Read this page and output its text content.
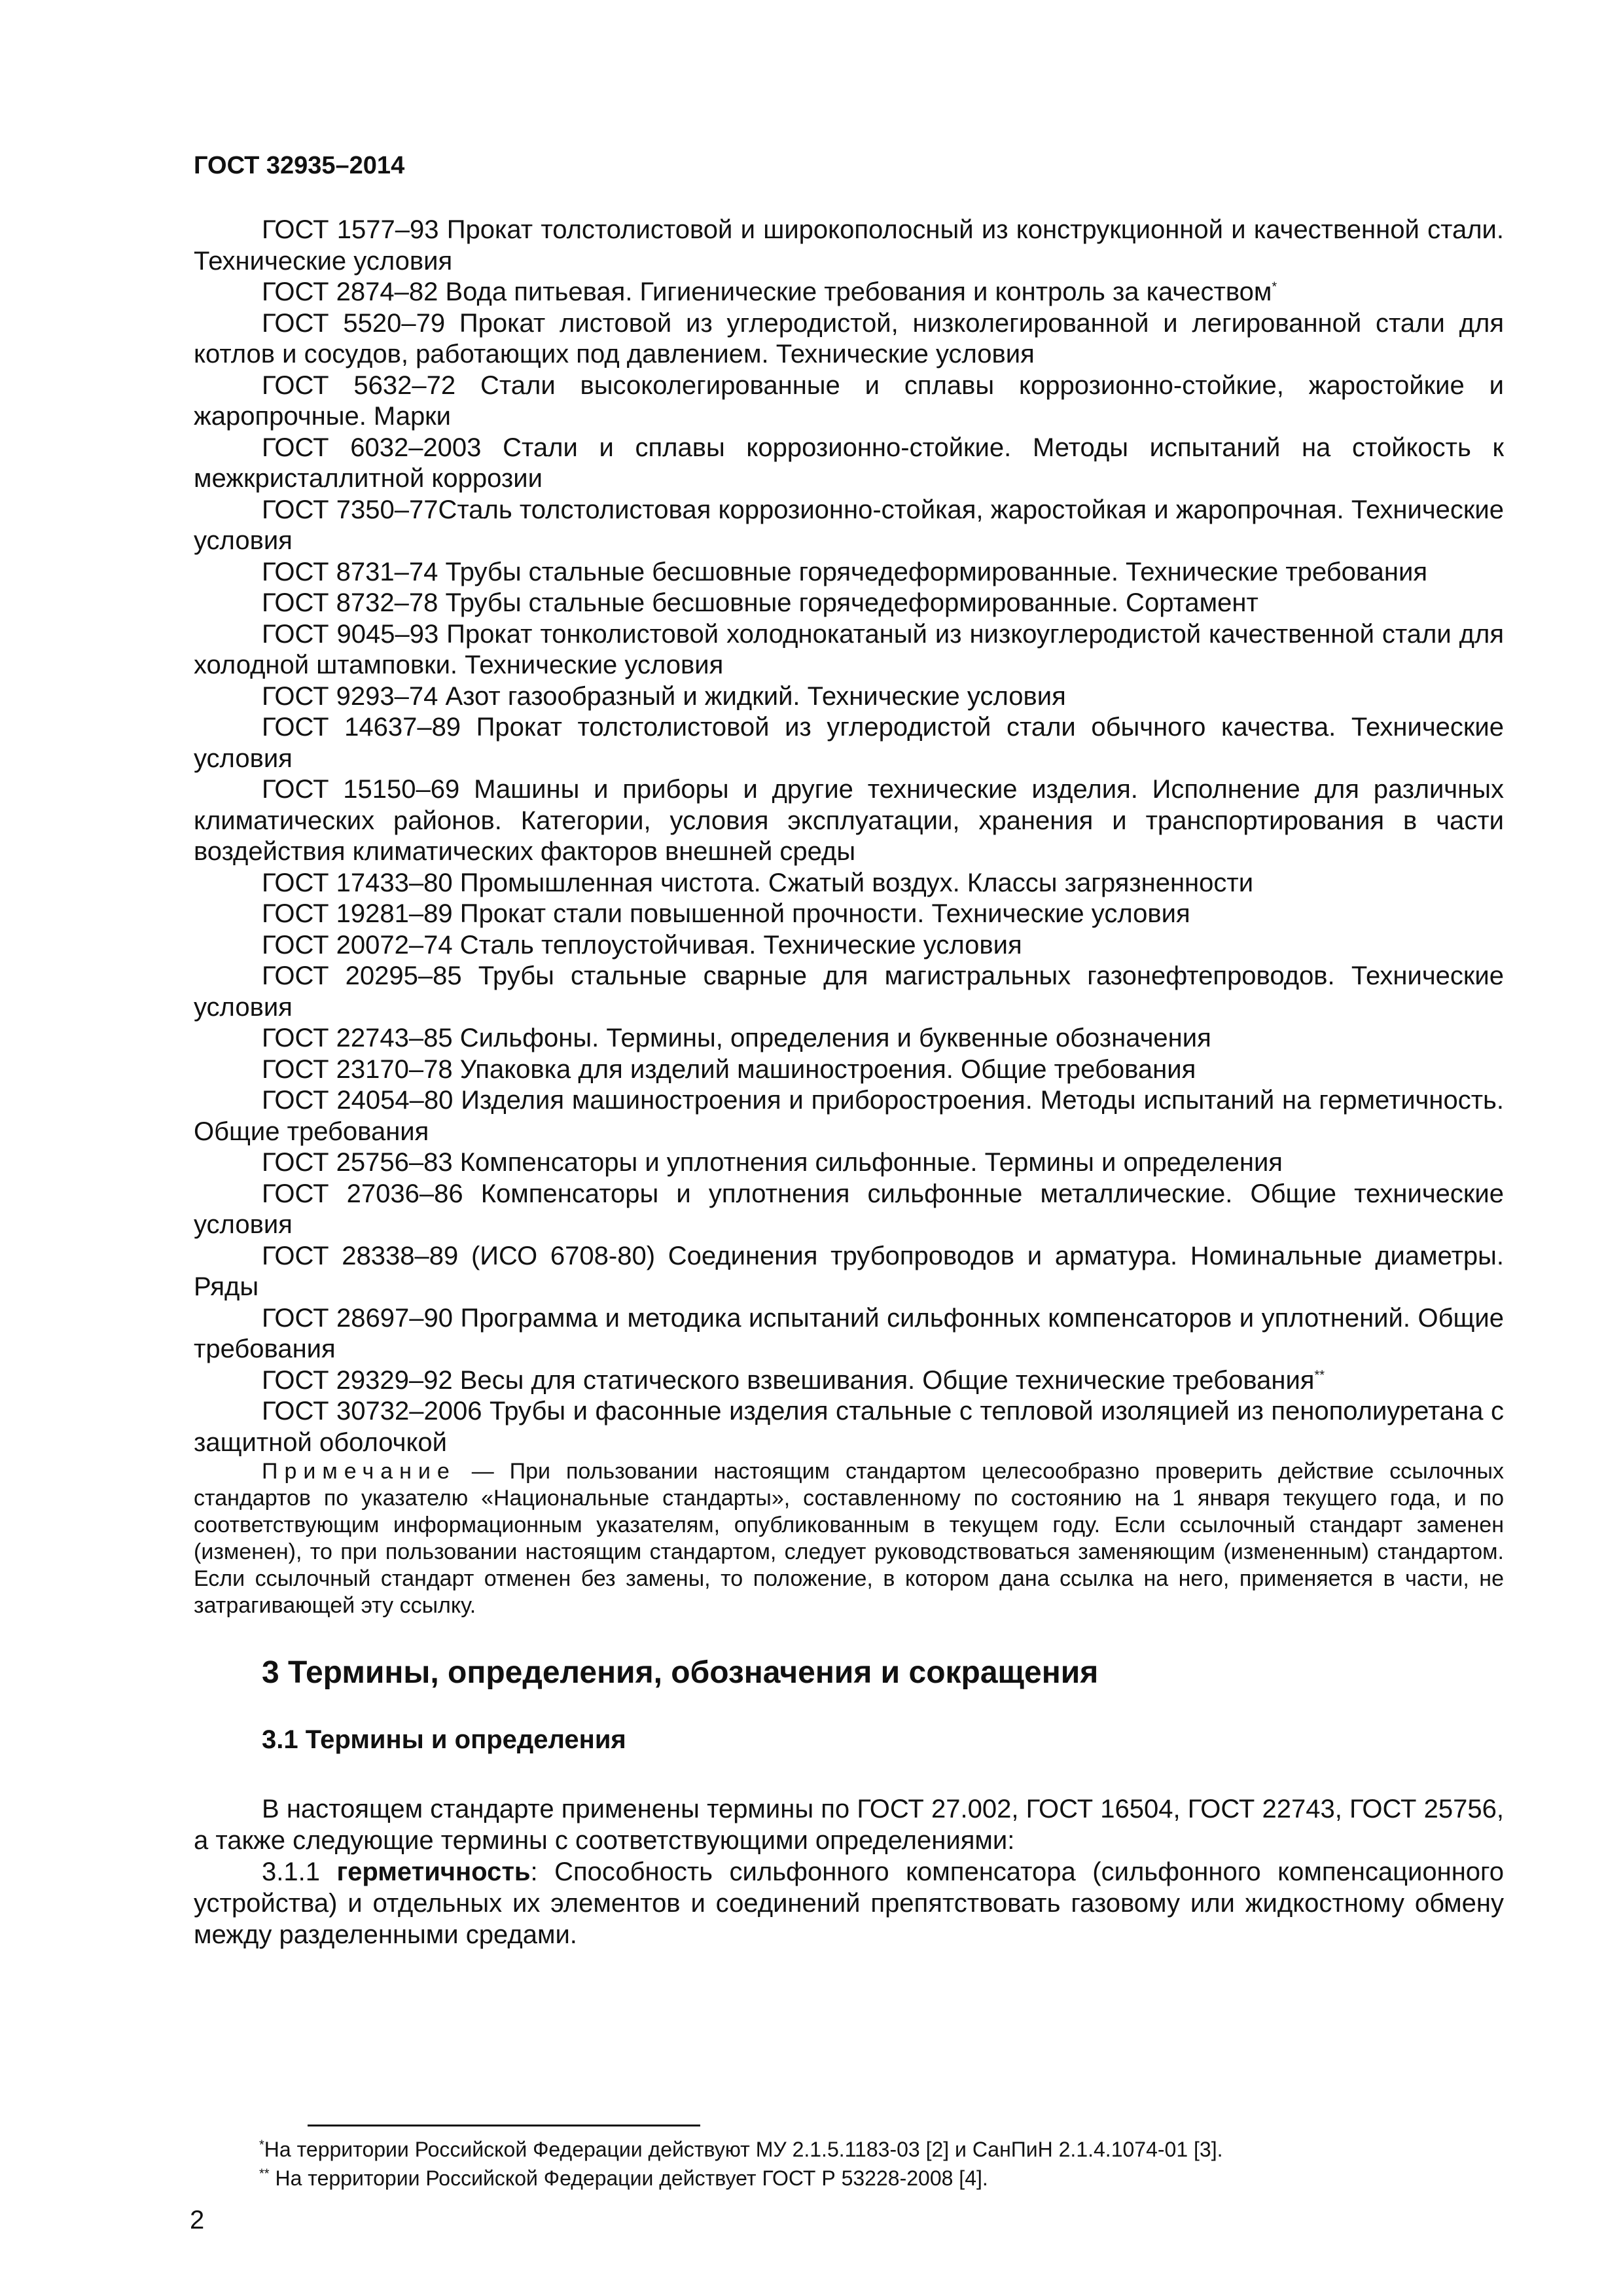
ГОСТ 32935–2014

ГОСТ 1577–93 Прокат толстолистовой и широкополосный из конструкционной и качественной стали. Технические условия

ГОСТ 2874–82 Вода питьевая. Гигиенические требования и контроль за качеством*

ГОСТ 5520–79 Прокат листовой из углеродистой, низколегированной и легированной стали для котлов и сосудов, работающих под давлением. Технические условия

ГОСТ 5632–72 Стали высоколегированные и сплавы коррозионно-стойкие, жаростойкие и жаропрочные. Марки

ГОСТ 6032–2003 Стали и сплавы коррозионно-стойкие. Методы испытаний на стойкость к межкристаллитной коррозии

ГОСТ 7350–77Сталь толстолистовая коррозионно-стойкая, жаростойкая и жаропрочная. Технические условия

ГОСТ 8731–74 Трубы стальные бесшовные горячедеформированные. Технические требования

ГОСТ 8732–78 Трубы стальные бесшовные горячедеформированные. Сортамент

ГОСТ 9045–93 Прокат тонколистовой холоднокатаный из низкоуглеродистой качественной стали для холодной штамповки. Технические условия

ГОСТ 9293–74 Азот газообразный и жидкий. Технические условия

ГОСТ 14637–89 Прокат толстолистовой из углеродистой стали обычного качества. Технические условия

ГОСТ 15150–69 Машины и приборы и другие технические изделия. Исполнение для различных климатических районов. Категории, условия эксплуатации, хранения и транспортирования в части воздействия климатических факторов внешней среды

ГОСТ 17433–80 Промышленная чистота. Сжатый воздух. Классы загрязненности

ГОСТ 19281–89 Прокат стали повышенной прочности. Технические условия

ГОСТ 20072–74 Сталь теплоустойчивая. Технические условия

ГОСТ 20295–85 Трубы стальные сварные для магистральных газонефтепроводов. Технические условия

ГОСТ 22743–85 Сильфоны. Термины, определения и буквенные обозначения

ГОСТ 23170–78 Упаковка для изделий машиностроения. Общие требования

ГОСТ 24054–80 Изделия машиностроения и приборостроения. Методы испытаний на герметичность. Общие требования

ГОСТ 25756–83 Компенсаторы и уплотнения сильфонные. Термины и определения

ГОСТ 27036–86 Компенсаторы и уплотнения сильфонные металлические. Общие технические условия

ГОСТ 28338–89 (ИСО 6708-80) Соединения трубопроводов и арматура. Номинальные диаметры. Ряды

ГОСТ 28697–90 Программа и методика испытаний сильфонных компенсаторов и уплотнений. Общие требования

ГОСТ 29329–92 Весы для статического взвешивания. Общие технические требования**

ГОСТ 30732–2006 Трубы и фасонные изделия стальные с тепловой изоляцией из пенополиуретана с защитной оболочкой

Примечание — При пользовании настоящим стандартом целесообразно проверить действие ссылочных стандартов по указателю «Национальные стандарты», составленному по состоянию на 1 января текущего года, и по соответствующим информационным указателям, опубликованным в текущем году. Если ссылочный стандарт заменен (изменен), то при пользовании настоящим стандартом, следует руководствоваться заменяющим (измененным) стандартом. Если ссылочный стандарт отменен без замены, то положение, в котором дана ссылка на него, применяется в части, не затрагивающей эту ссылку.

3 Термины, определения, обозначения и сокращения
3.1 Термины и определения

В настоящем стандарте применены термины по ГОСТ 27.002, ГОСТ 16504, ГОСТ 22743, ГОСТ 25756, а также следующие термины с соответствующими определениями:

3.1.1 герметичность: Способность сильфонного компенсатора (сильфонного компенсационного устройства) и отдельных их элементов и соединений препятствовать газовому или жидкостному обмену между разделенными средами.

*На территории Российской Федерации действуют МУ 2.1.5.1183-03 [2] и СанПиН 2.1.4.1074-01 [3].

** На территории Российской Федерации действует ГОСТ Р 53228-2008 [4].

2
